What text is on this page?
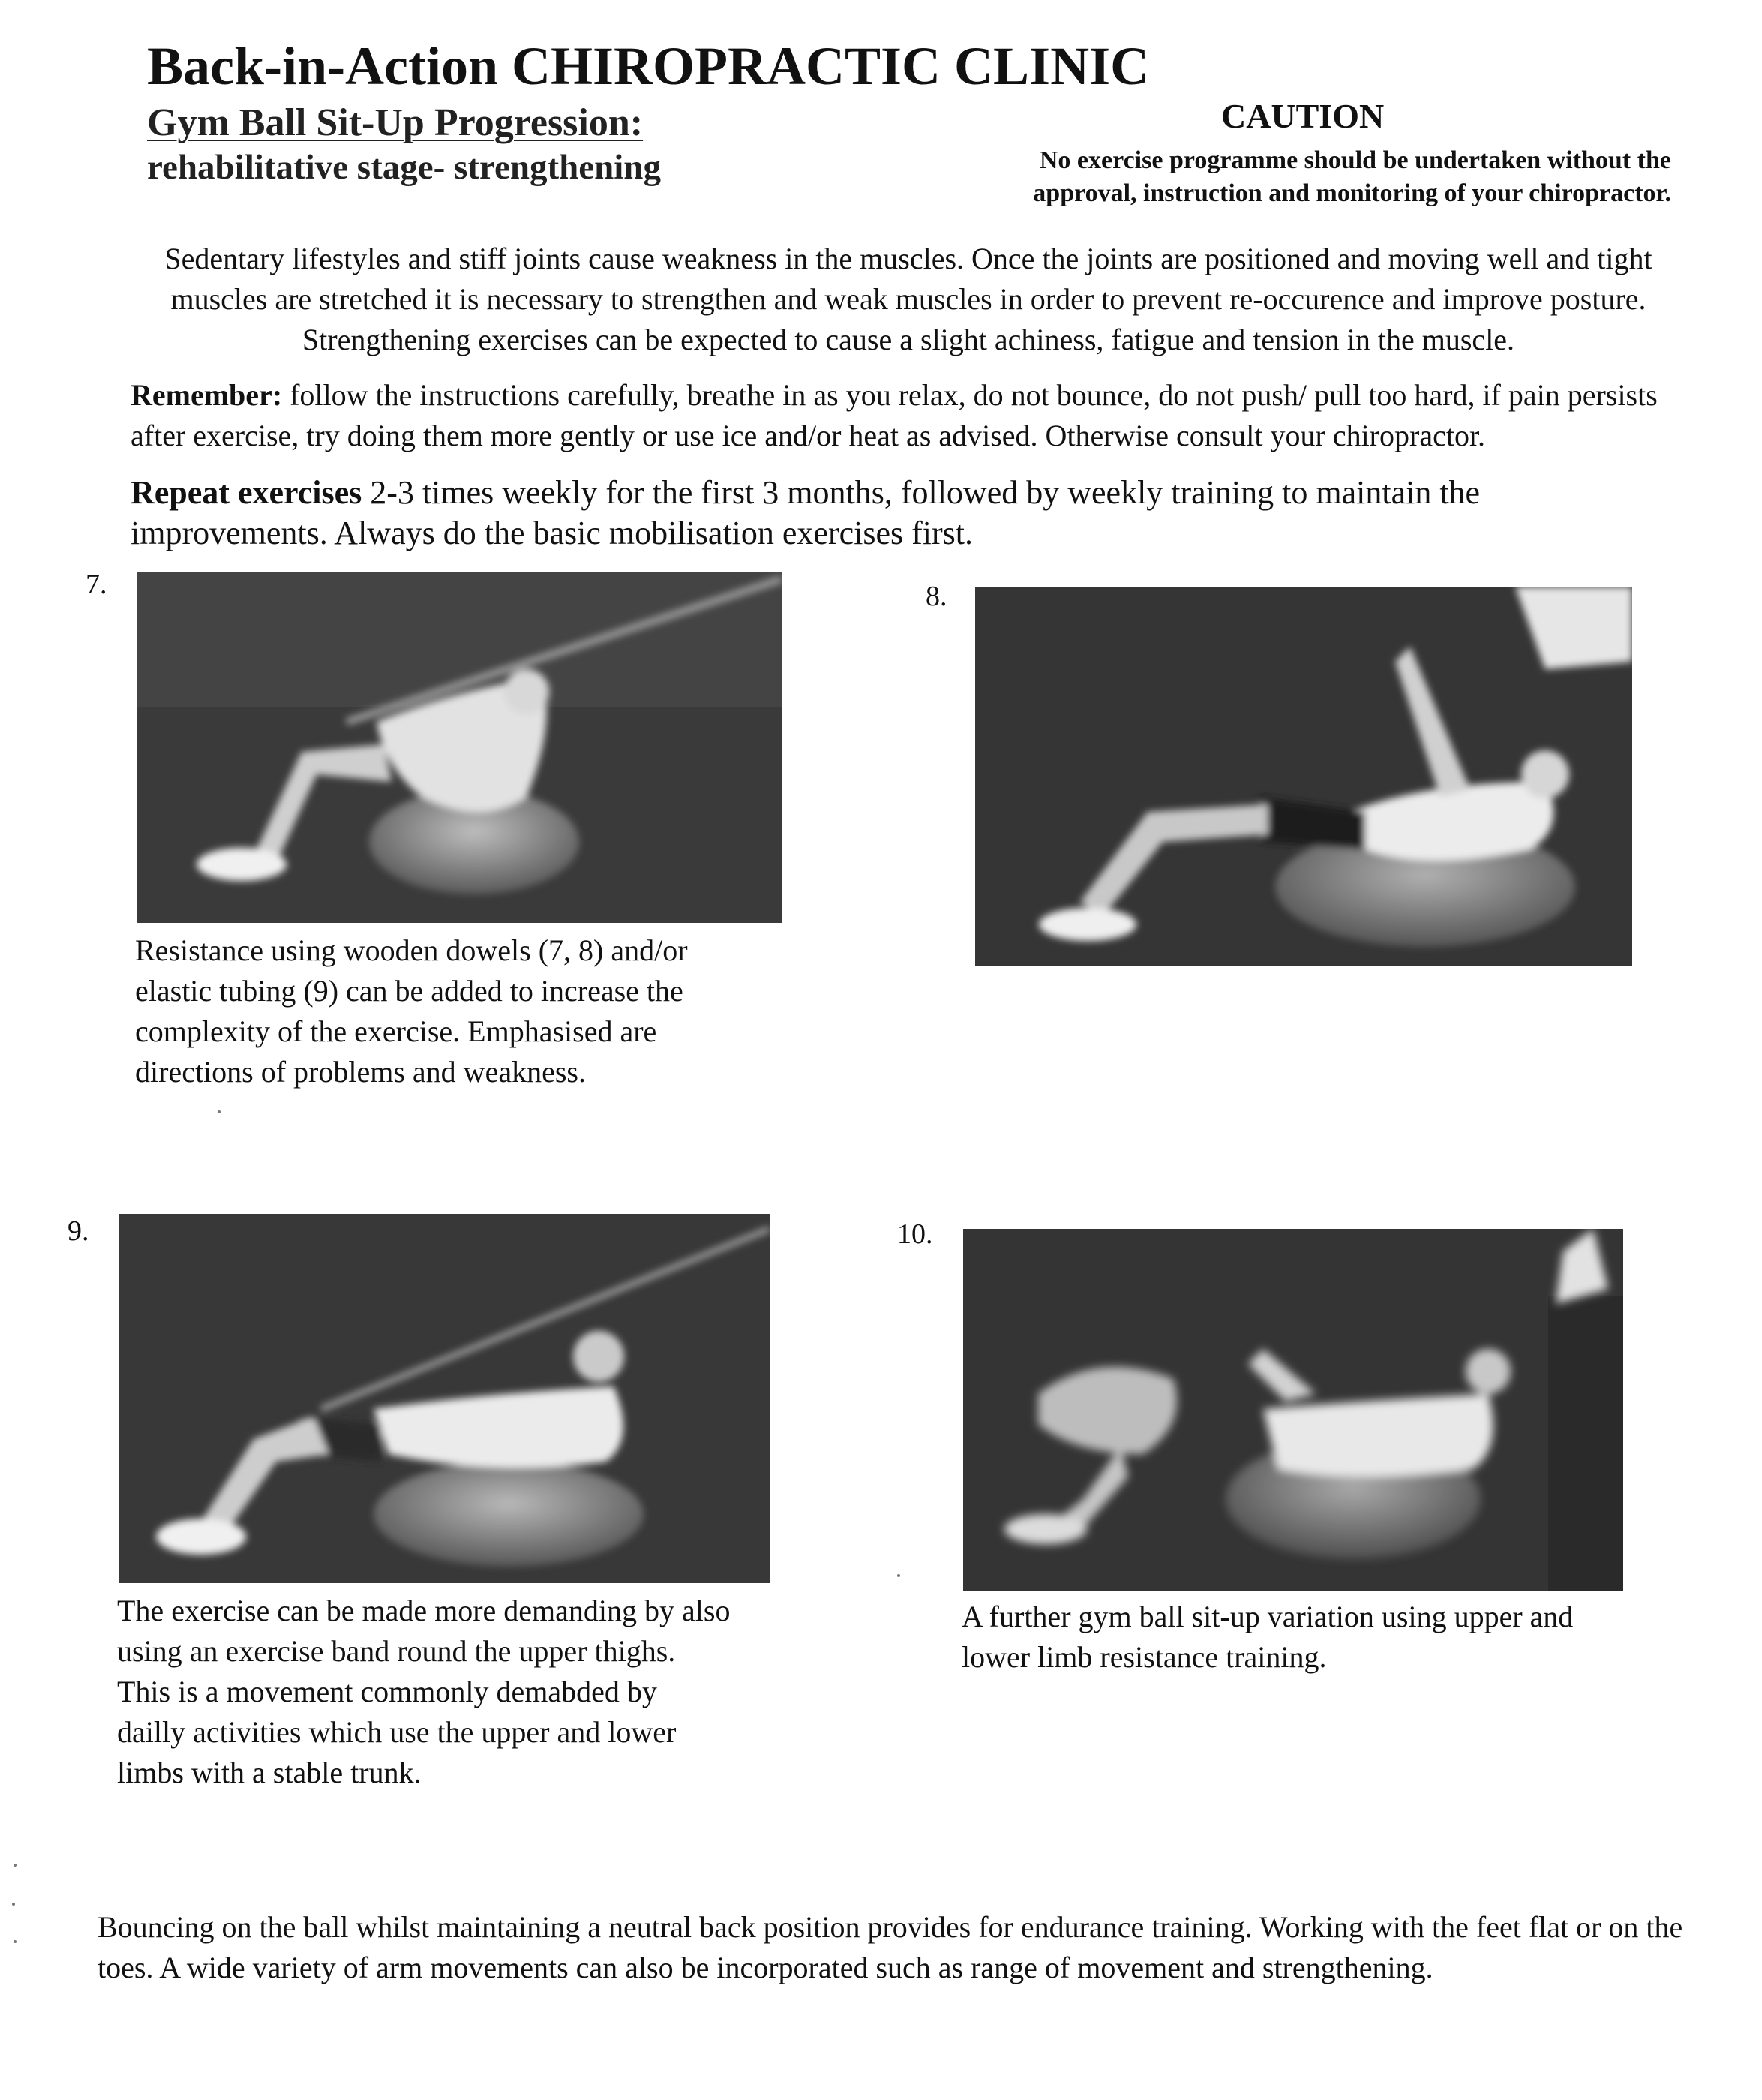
Back-in-Action CHIROPRACTIC CLINIC
Gym Ball Sit-Up Progression:
rehabilitative stage- strengthening
CAUTION
No exercise programme should be undertaken without the approval, instruction and monitoring of your chiropractor.
Sedentary lifestyles and stiff joints cause weakness in the muscles. Once the joints are positioned and moving well and tight muscles are stretched it is necessary to strengthen and weak muscles in order to prevent re-occurence and improve posture. Strengthening exercises can be expected to cause a slight achiness, fatigue and tension in the muscle.
Remember: follow the instructions carefully, breathe in as you relax, do not bounce, do not push/ pull too hard, if pain persists after exercise, try doing them more gently or use ice and/or heat as advised. Otherwise consult your chiropractor.
Repeat exercises 2-3 times weekly for the first 3 months, followed by weekly training to maintain the improvements. Always do the basic mobilisation exercises first.
7.
Resistance using wooden dowels (7, 8) and/or elastic tubing (9) can be added to increase the complexity of the exercise. Emphasised are directions of problems and weakness.
8.
9.
The exercise can be made more demanding by also using an exercise band round the upper thighs. This is a movement commonly demabded by dailly activities which use the upper and lower limbs with a stable trunk.
10.
A further gym ball sit-up variation using upper and lower limb resistance training.
Bouncing on the ball whilst maintaining a neutral back position provides for endurance training. Working with the feet flat or on the toes. A wide variety of arm movements can also be incorporated such as range of movement and strengthening.
